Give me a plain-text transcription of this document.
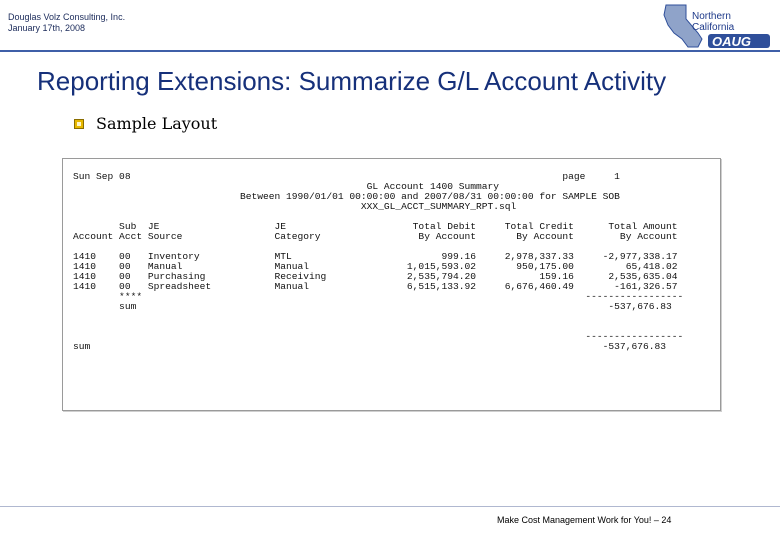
Douglas Volz Consulting, Inc.
January 17th, 2008
Northern
California
OAUG
Reporting Extensions: Summarize G/L Account Activity
Sample Layout
Sun Sep 08                                                                           page     1
GL Account 1400 Summary
Between 1990/01/01 00:00:00 and 2007/08/31 00:00:00 for SAMPLE SOB
XXX_GL_ACCT_SUMMARY_RPT.sql

Sub  JE                    JE                      Total Debit     Total Credit      Total Amount
Account Acct Source                Category                 By Account       By Account        By Account

1410    00   Inventory             MTL                          999.16     2,978,337.33     -2,977,338.17
1410    00   Manual                Manual                 1,015,593.02       950,175.00         65,418.02
1410    00   Purchasing            Receiving              2,535,794.20           159.16      2,535,635.04
1410    00   Spreadsheet           Manual                 6,515,133.92     6,676,460.49       -161,326.57
****                                                                             -----------------
sum                                                                                  -537,676.83

-----------------
sum                                                                                         -537,676.83

Make Cost Management Work for You! – 24
